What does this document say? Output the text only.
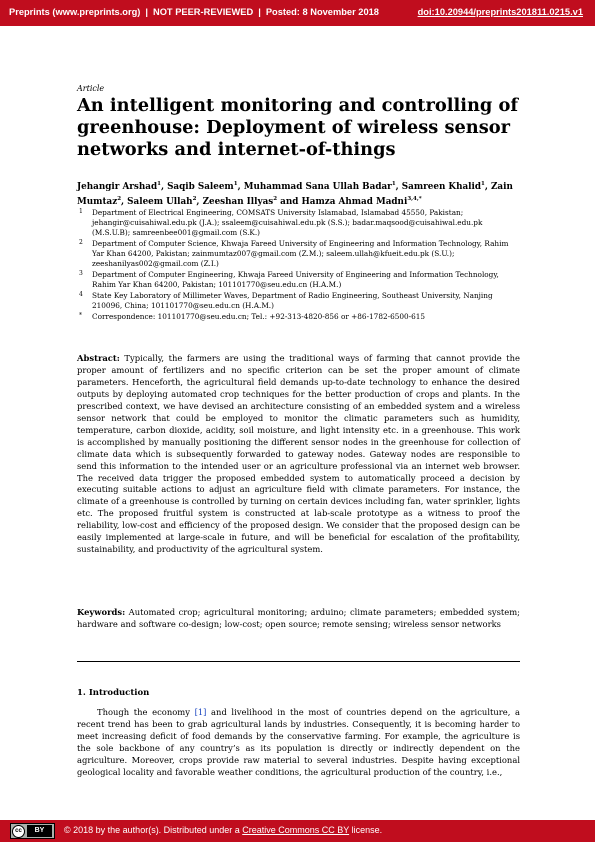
Preprints (www.preprints.org) | NOT PEER-REVIEWED | Posted: 8 November 2018	doi:10.20944/preprints201811.0215.v1
Article
An intelligent monitoring and controlling of greenhouse: Deployment of wireless sensor networks and internet-of-things
Jehangir Arshad$^1$, Saqib Saleem$^1$, Muhammad Sana Ullah Badar$^1$, Samreen Khalid$^1$, Zain Mumtaz$^2$, Saleem Ullah$^2$, Zeeshan Illyas$^2$ and Hamza Ahmad Madni$^{3,4,*}$
1 Department of Electrical Engineering, COMSATS University Islamabad, Islamabad 45550, Pakistan; jehangir@cuisahiwal.edu.pk (J.A.); ssaleem@cuisahiwal.edu.pk (S.S.); badar.maqsood@cuisahiwal.edu.pk (M.S.U.B); samreenbee001@gmail.com (S.K.)
2 Department of Computer Science, Khwaja Fareed University of Engineering and Information Technology, Rahim Yar Khan 64200, Pakistan; zainmumtaz007@gmail.com (Z.M.); saleem.ullah@kfueit.edu.pk (S.U.); zeeshanilyas002@gmail.com (Z.I.)
3 Department of Computer Engineering, Khwaja Fareed University of Engineering and Information Technology, Rahim Yar Khan 64200, Pakistan; 101101770@seu.edu.cn (H.A.M.)
4 State Key Laboratory of Millimeter Waves, Department of Radio Engineering, Southeast University, Nanjing 210096, China; 101101770@seu.edu.cn (H.A.M.)
* Correspondence: 101101770@seu.edu.cn; Tel.: +92-313-4820-856 or +86-1782-6500-615

Abstract: Typically, the farmers are using the traditional ways of farming that cannot provide the proper amount of fertilizers and no specific criterion can be set the proper amount of climate parameters. Henceforth, the agricultural field demands up-to-date technology to enhance the desired outputs by deploying automated crop techniques for the better production of crops and plants. In the prescribed context, we have devised an architecture consisting of an embedded system and a wireless sensor network that could be employed to monitor the climatic parameters such as humidity, temperature, carbon dioxide, acidity, soil moisture, and light intensity etc. in a greenhouse. This work is accomplished by manually positioning the different sensor nodes in the greenhouse for collection of climate data which is subsequently forwarded to gateway nodes. Gateway nodes are responsible to send this information to the intended user or an agriculture professional via an internet web browser. The received data trigger the proposed embedded system to automatically proceed a decision by executing suitable actions to adjust an agriculture field with climate parameters. For instance, the climate of a greenhouse is controlled by turning on certain devices including fan, water sprinkler, lights etc. The proposed fruitful system is constructed at lab-scale prototype as a witness to proof the reliability, low-cost and efficiency of the proposed design. We consider that the proposed design can be easily implemented at large-scale in future, and will be beneficial for escalation of the profitability, sustainability, and productivity of the agricultural system.

Keywords: Automated crop; agricultural monitoring; arduino; climate parameters; embedded system; hardware and software co-design; low-cost; open source; remote sensing; wireless sensor networks

1. Introduction

Though the economy [1] and livelihood in the most of countries depend on the agriculture, a recent trend has been to grab agricultural lands by industries. Consequently, it is becoming harder to meet increasing deficit of food demands by the conservative farming. For example, the agriculture is the sole backbone of any country’s as its population is directly or indirectly dependent on the agriculture. Moreover, crops provide raw material to several industries. Despite having exceptional geological locality and favorable weather conditions, the agricultural production of the country, i.e.,

cc	BY	© 2018 by the author(s). Distributed under a Creative Commons CC BY license.
